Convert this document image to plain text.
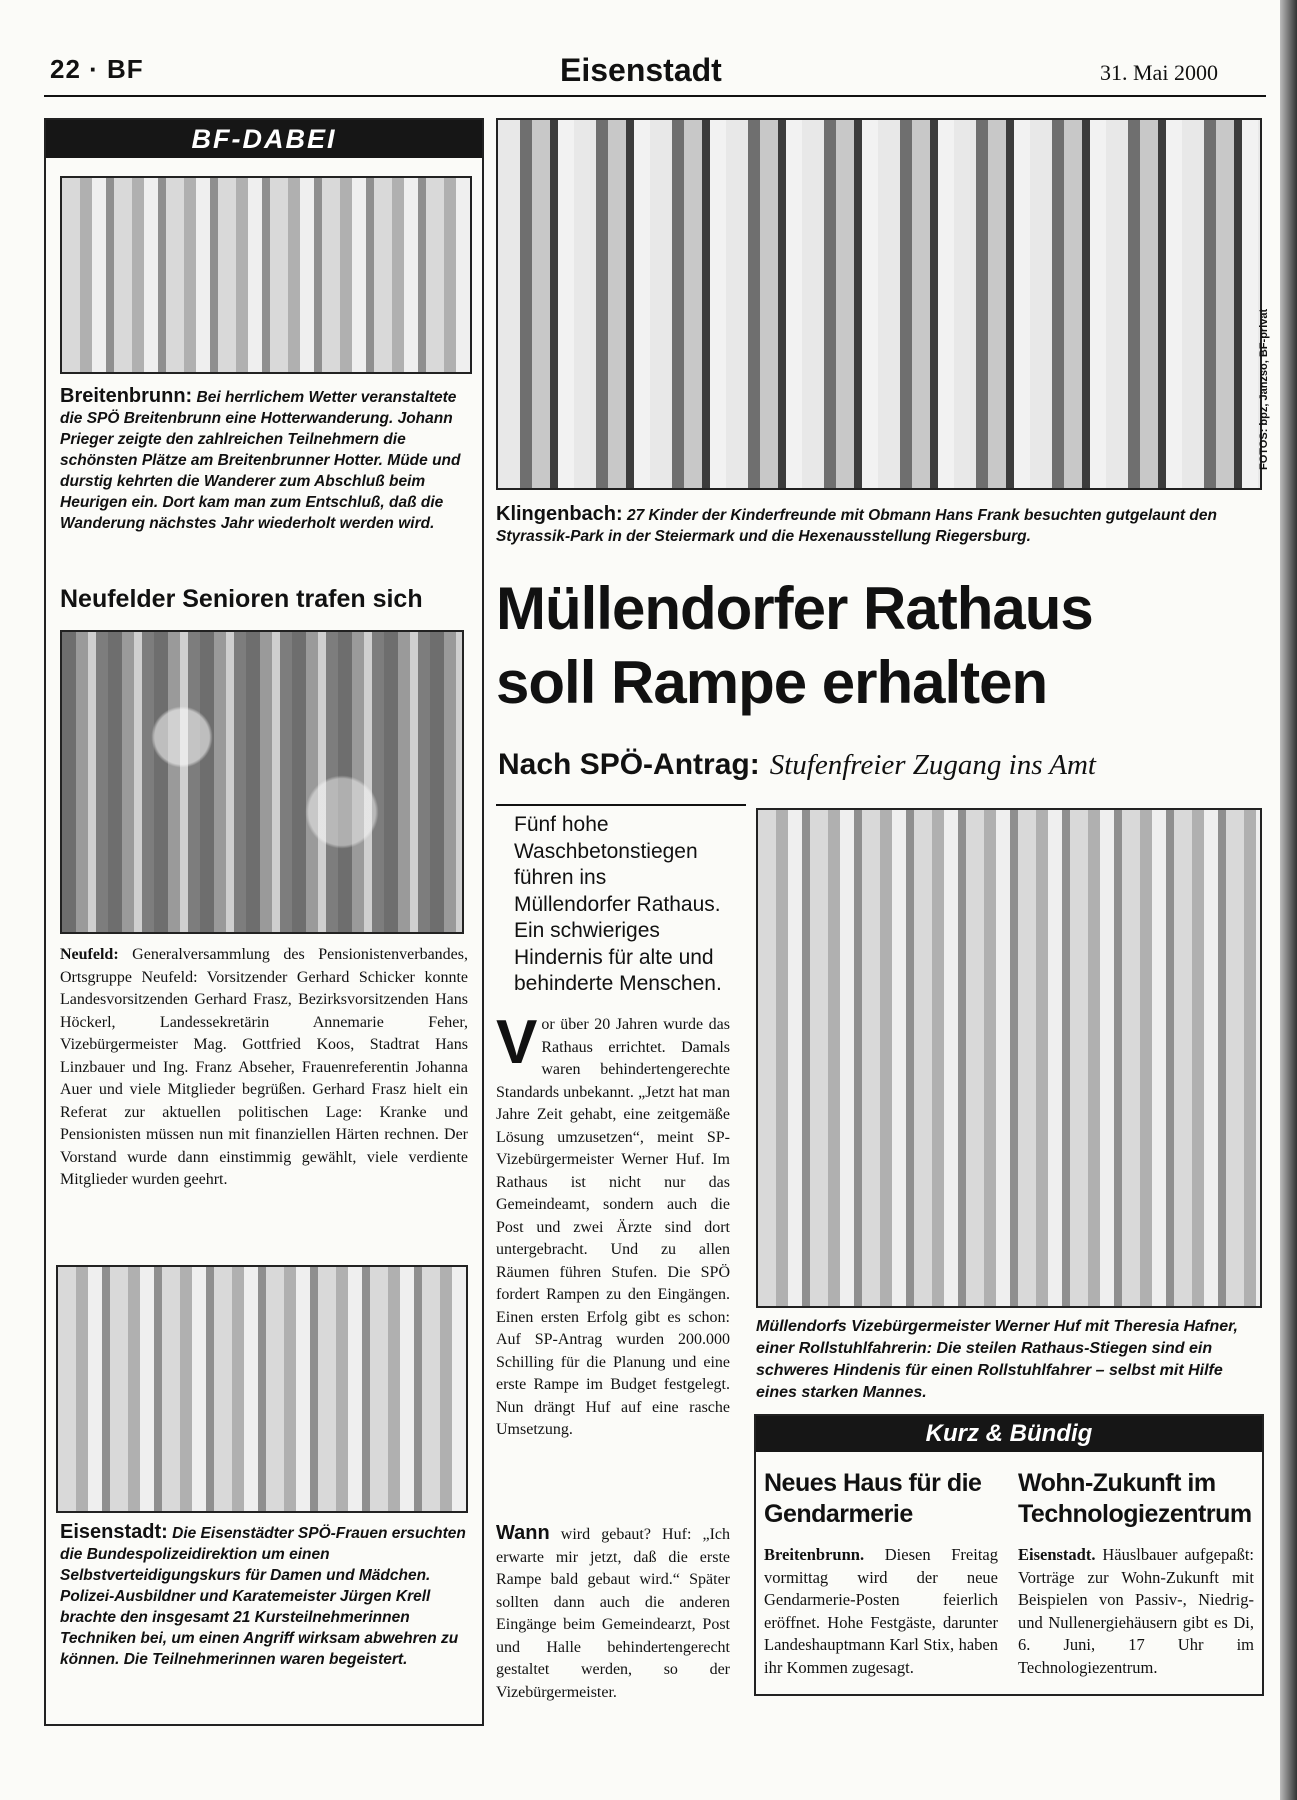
22 · BF	Eisenstadt	31. Mai 2000
BF-DABEI
Breitenbrunn: Bei herrlichem Wetter veranstaltete die SPÖ Breitenbrunn eine Hotterwanderung. Johann Prieger zeigte den zahlreichen Teilnehmern die schönsten Plätze am Breitenbrunner Hotter. Müde und durstig kehrten die Wanderer zum Abschluß beim Heurigen ein. Dort kam man zum Entschluß, daß die Wanderung nächstes Jahr wiederholt werden wird.
Neufelder Senioren trafen sich
Neufeld: Generalversammlung des Pensionistenverbandes, Ortsgruppe Neufeld: Vorsitzender Gerhard Schicker konnte Landesvorsitzenden Gerhard Frasz, Bezirksvorsitzenden Hans Höckerl, Landessekretärin Annemarie Feher, Vizebürgermeister Mag. Gottfried Koos, Stadtrat Hans Linzbauer und Ing. Franz Abseher, Frauenreferentin Johanna Auer und viele Mitglieder begrüßen. Gerhard Frasz hielt ein Referat zur aktuellen politischen Lage: Kranke und Pensionisten müssen nun mit finanziellen Härten rechnen. Der Vorstand wurde dann einstimmig gewählt, viele verdiente Mitglieder wurden geehrt.
Eisenstadt: Die Eisenstädter SPÖ-Frauen ersuchten die Bundespolizeidirektion um einen Selbstverteidigungskurs für Damen und Mädchen. Polizei-Ausbildner und Karatemeister Jürgen Krell brachte den insgesamt 21 Kursteilnehmerinnen Techniken bei, um einen Angriff wirksam abwehren zu können. Die Teilnehmerinnen waren begeistert.
FOTOS: bpz, Janzso, BF-privat
Klingenbach: 27 Kinder der Kinderfreunde mit Obmann Hans Frank besuchten gutgelaunt den Styrassik-Park in der Steiermark und die Hexenausstellung Riegersburg.
Müllendorfer Rathaus
soll Rampe erhalten
Nach SPÖ-Antrag: Stufenfreier Zugang ins Amt
Fünf hohe Waschbetonstiegen führen ins Müllendorfer Rathaus. Ein schwieriges Hindernis für alte und behinderte Menschen.
V or über 20 Jahren wurde das Rathaus errichtet. Damals waren behindertengerechte Standards unbekannt. „Jetzt hat man Jahre Zeit gehabt, eine zeitgemäße Lösung umzusetzen“, meint SP-Vizebürgermeister Werner Huf. Im Rathaus ist nicht nur das Gemeindeamt, sondern auch die Post und zwei Ärzte sind dort untergebracht. Und zu allen Räumen führen Stufen. Die SPÖ fordert Rampen zu den Eingängen. Einen ersten Erfolg gibt es schon: Auf SP-Antrag wurden 200.000 Schilling für die Planung und eine erste Rampe im Budget festgelegt. Nun drängt Huf auf eine rasche Umsetzung.
Wann wird gebaut? Huf: „Ich erwarte mir jetzt, daß die erste Rampe bald gebaut wird.“ Später sollten dann auch die anderen Eingänge beim Gemeindearzt, Post und Halle behindertengerecht gestaltet werden, so der Vizebürgermeister.
Müllendorfs Vizebürgermeister Werner Huf mit Theresia Hafner, einer Rollstuhlfahrerin: Die steilen Rathaus-Stiegen sind ein schweres Hindenis für einen Rollstuhlfahrer – selbst mit Hilfe eines starken Mannes.
Kurz & Bündig
Neues Haus für die Gendarmerie
Breitenbrunn. Diesen Freitag vormittag wird der neue Gendarmerie-Posten feierlich eröffnet. Hohe Festgäste, darunter Landeshauptmann Karl Stix, haben ihr Kommen zugesagt.
Wohn-Zukunft im Technologiezentrum
Eisenstadt. Häuslbauer aufgepaßt: Vorträge zur Wohn-Zukunft mit Beispielen von Passiv-, Niedrig- und Nullenergiehäusern gibt es Di, 6. Juni, 17 Uhr im Technologiezentrum.
